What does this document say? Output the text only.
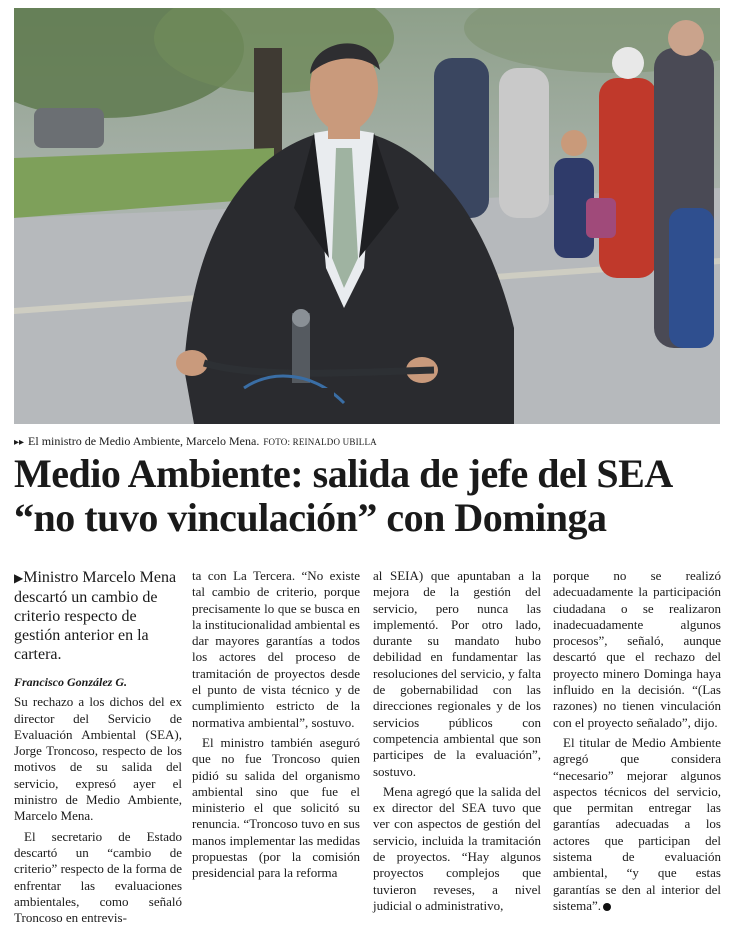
▸▸ El ministro de Medio Ambiente, Marcelo Mena. FOTO: REINALDO UBILLA
Medio Ambiente: salida de jefe del SEA
“no tuvo vinculación” con Dominga

▶Ministro Marcelo Mena descartó un cambio de criterio respecto de gestión anterior en la cartera.

Francisco González G.

Su rechazo a los dichos del ex director del Servicio de Evaluación Ambiental (SEA), Jorge Troncoso, respecto de los motivos de su salida del servicio, expresó ayer el ministro de Medio Ambiente, Marcelo Mena.

El secretario de Estado descartó un “cambio de criterio” respecto de la forma de enfrentar las evaluaciones ambientales, como señaló Troncoso en entrevis-

ta con La Tercera. “No existe tal cambio de criterio, porque precisamente lo que se busca en la institucionalidad ambiental es dar mayores garantías a todos los actores del proceso de tramitación de proyectos desde el punto de vista técnico y de cumplimiento estricto de la normativa ambiental”, sostuvo.

El ministro también aseguró que no fue Troncoso quien pidió su salida del organismo ambiental sino que fue el ministerio el que solicitó su renuncia. “Troncoso tuvo en sus manos implementar las medidas propuestas (por la comisión presidencial para la reforma

al SEIA) que apuntaban a la mejora de la gestión del servicio, pero nunca las implementó. Por otro lado, durante su mandato hubo debilidad en fundamentar las resoluciones del servicio, y falta de gobernabilidad con las direcciones regionales y de los servicios públicos con competencia ambiental que son participes de la evaluación”, sostuvo.

Mena agregó que la salida del ex director del SEA tuvo que ver con aspectos de gestión del servicio, incluida la tramitación de proyectos. “Hay algunos proyectos complejos que tuvieron reveses, a nivel judicial o administrativo,

porque no se realizó adecuadamente la participación ciudadana o se realizaron inadecuadamente algunos procesos”, señaló, aunque descartó que el rechazo del proyecto minero Dominga haya influido en la decisión. “(Las razones) no tienen vinculación con el proyecto señalado”, dijo.

El titular de Medio Ambiente agregó que considera “necesario” mejorar algunos aspectos técnicos del servicio, que permitan entregar las garantías adecuadas a los actores que participan del sistema de evaluación ambiental, “y que estas garantías se den al interior del sistema”.
